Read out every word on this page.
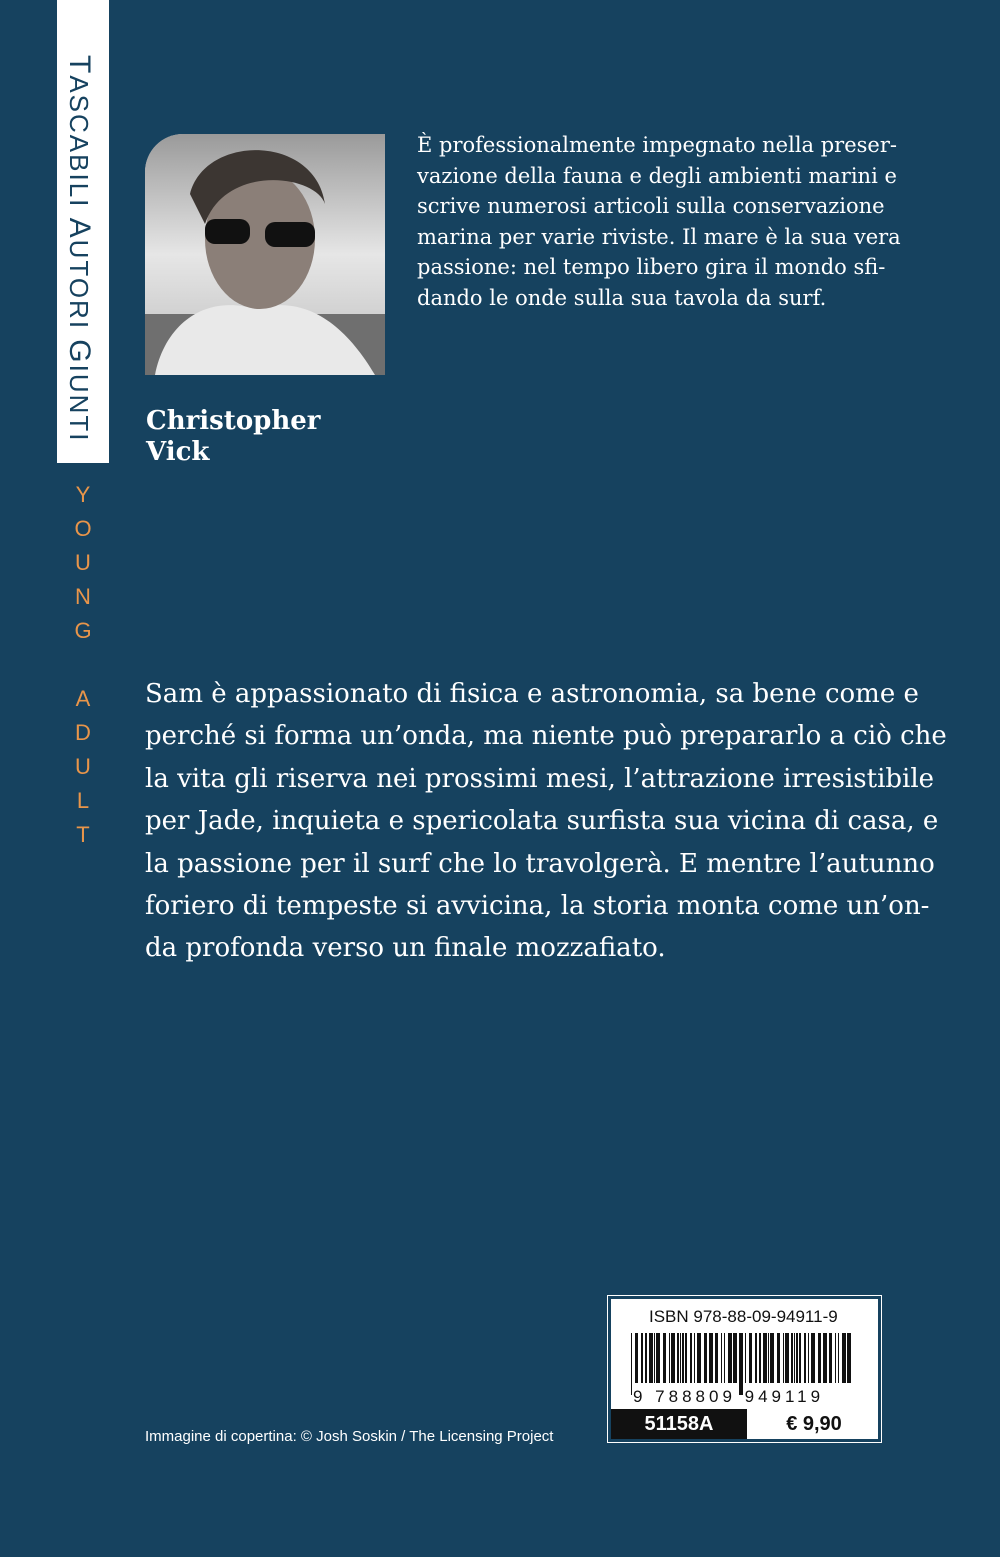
TASCABILI AUTORI GIUNTI
Y
O
U
N
G

A
D
U
L
T
Christopher
Vick
È professionalmente impegnato nella preser-
vazione della fauna e degli ambienti marini e
scrive numerosi articoli sulla conservazione
marina per varie riviste. Il mare è la sua vera
passione: nel tempo libero gira il mondo sfi-
dando le onde sulla sua tavola da surf.
Sam è appassionato di fisica e astronomia, sa bene come e
perché si forma un’onda, ma niente può prepararlo a ciò che
la vita gli riserva nei prossimi mesi, l’attrazione irresistibile
per Jade, inquieta e spericolata surfista sua vicina di casa, e
la passione per il surf che lo travolgerà. E mentre l’autunno
foriero di tempeste si avvicina, la storia monta come un’on-
da profonda verso un finale mozzafiato.
Immagine di copertina: © Josh Soskin / The Licensing Project
ISBN 978-88-09-94911-9
9 788809 949119
51158A	€ 9,90
